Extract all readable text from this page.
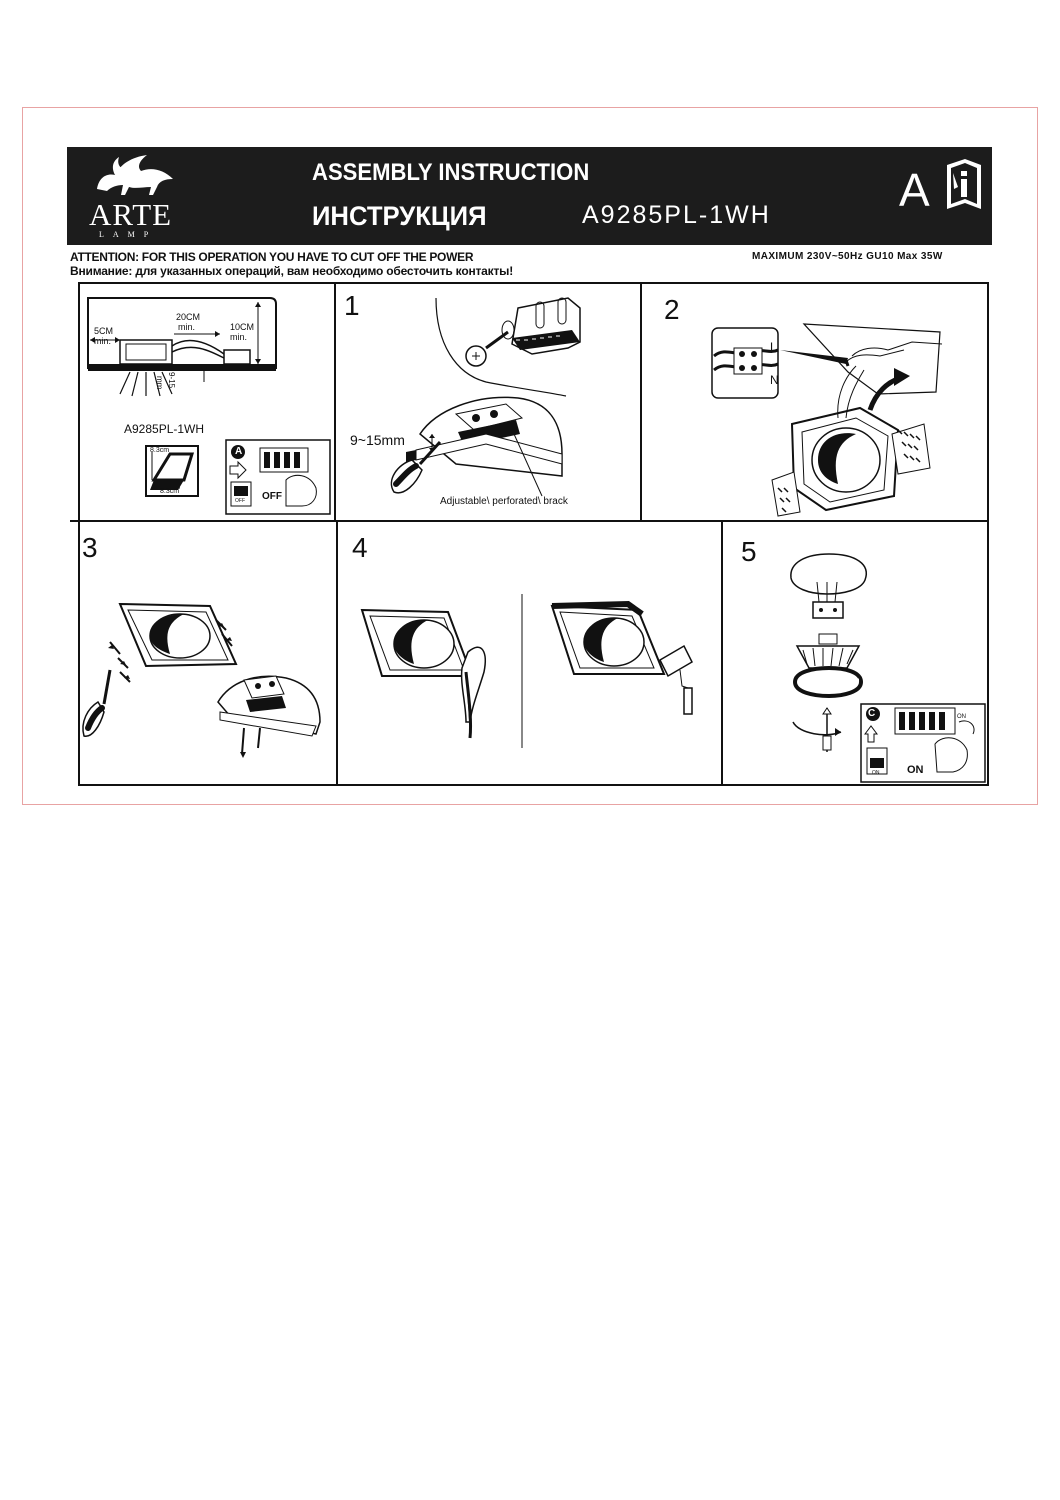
ARTE
LAMP
ASSEMBLY INSTRUCTION
ИНСТРУКЦИЯ	A9285PL-1WH	A
ATTENTION: FOR THIS OPERATION YOU HAVE TO CUT OFF THE POWER
Внимание: для указанных операций, вам необходимо обесточить контакты!
MAXIMUM 230V~50Hz GU10 Max 35W
5CM
min.
20CM
min.	10CM
min.
9-15
mm
A9285PL-1WH
8.3cm
8.3cm
A
OFF OFF
1
9~15mm
Adjustable\ perforated\ brack
2
L
N
3	4	5
C	ON
ON	ON
